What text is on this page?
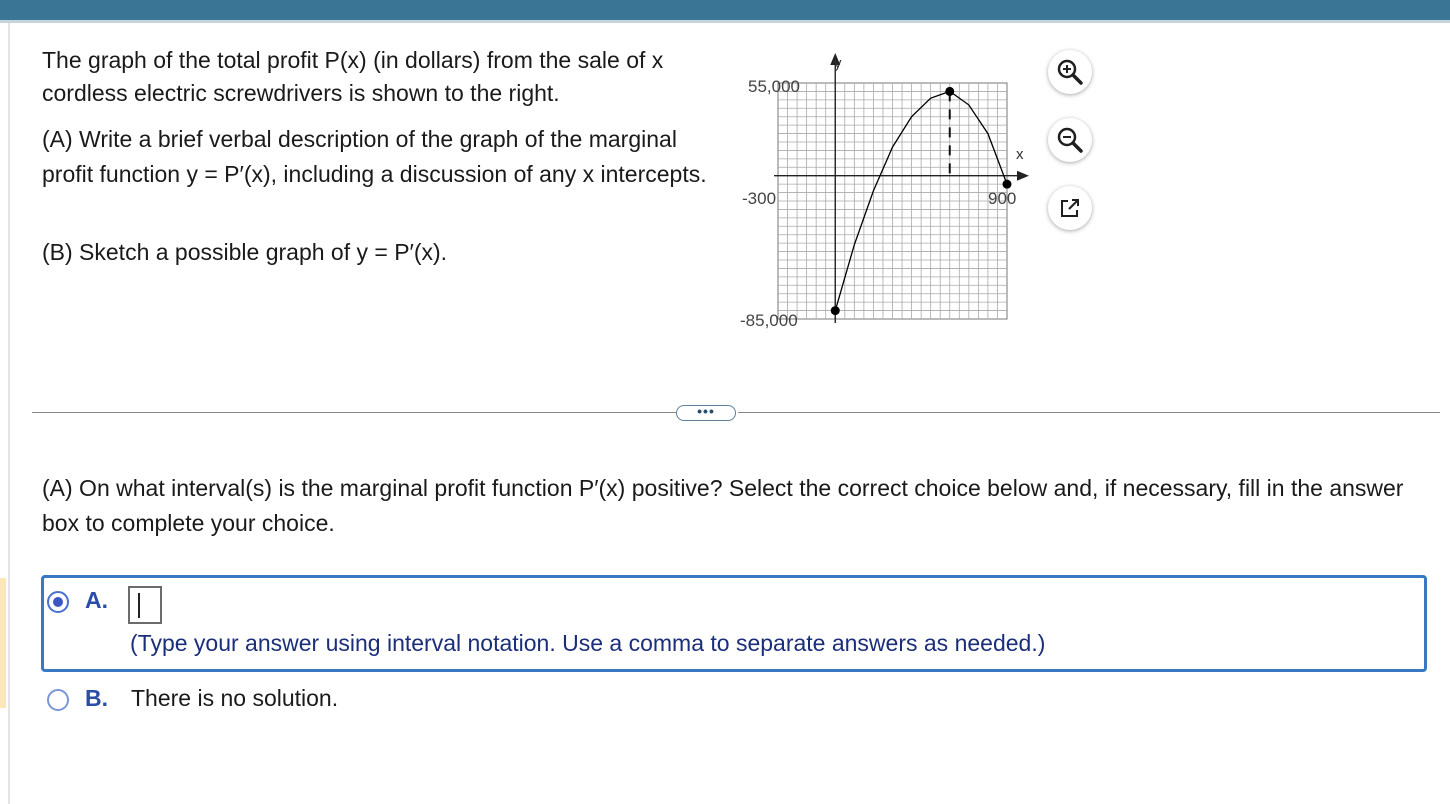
The graph of the total profit P(x) (in dollars) from the sale of x cordless electric screwdrivers is shown to the right.

(A) Write a brief verbal description of the graph of the marginal profit function y = P′(x), including a discussion of any x intercepts.

(B) Sketch a possible graph of y = P′(x).

y
x
55,000
-300	900
-85,000
•••

(A) On what interval(s) is the marginal profit function P′(x) positive? Select the correct choice below and, if necessary, fill in the answer box to complete your choice.

A.
(Type your answer using interval notation. Use a comma to separate answers as needed.)
B. There is no solution.
